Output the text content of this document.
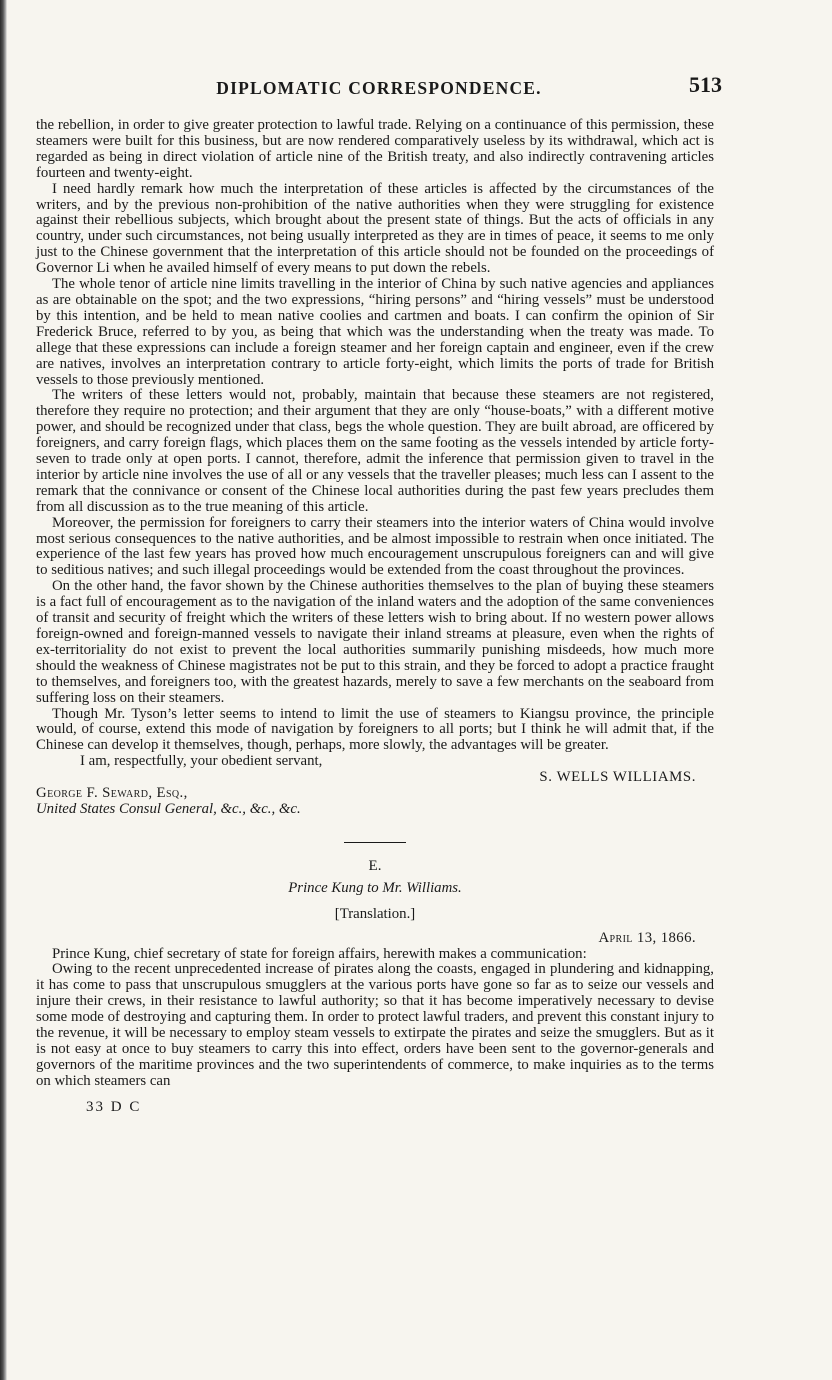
DIPLOMATIC CORRESPONDENCE.	513

the rebellion, in order to give greater protection to lawful trade. Relying on a continuance of this permission, these steamers were built for this business, but are now rendered comparatively useless by its withdrawal, which act is regarded as being in direct violation of article nine of the British treaty, and also indirectly contravening articles fourteen and twenty-eight.

I need hardly remark how much the interpretation of these articles is affected by the circumstances of the writers, and by the previous non-prohibition of the native authorities when they were struggling for existence against their rebellious subjects, which brought about the present state of things. But the acts of officials in any country, under such circumstances, not being usually interpreted as they are in times of peace, it seems to me only just to the Chinese government that the interpretation of this article should not be founded on the proceedings of Governor Li when he availed himself of every means to put down the rebels.

The whole tenor of article nine limits travelling in the interior of China by such native agencies and appliances as are obtainable on the spot; and the two expressions, “hiring persons” and “hiring vessels” must be understood by this intention, and be held to mean native coolies and cartmen and boats. I can confirm the opinion of Sir Frederick Bruce, referred to by you, as being that which was the understanding when the treaty was made. To allege that these expressions can include a foreign steamer and her foreign captain and engineer, even if the crew are natives, involves an interpretation contrary to article forty-eight, which limits the ports of trade for British vessels to those previously mentioned.

The writers of these letters would not, probably, maintain that because these steamers are not registered, therefore they require no protection; and their argument that they are only “house-boats,” with a different motive power, and should be recognized under that class, begs the whole question. They are built abroad, are officered by foreigners, and carry foreign flags, which places them on the same footing as the vessels intended by article forty-seven to trade only at open ports. I cannot, therefore, admit the inference that permission given to travel in the interior by article nine involves the use of all or any vessels that the traveller pleases; much less can I assent to the remark that the connivance or consent of the Chinese local authorities during the past few years precludes them from all discussion as to the true meaning of this article.

Moreover, the permission for foreigners to carry their steamers into the interior waters of China would involve most serious consequences to the native authorities, and be almost impossible to restrain when once initiated. The experience of the last few years has proved how much encouragement unscrupulous foreigners can and will give to seditious natives; and such illegal proceedings would be extended from the coast throughout the provinces.

On the other hand, the favor shown by the Chinese authorities themselves to the plan of buying these steamers is a fact full of encouragement as to the navigation of the inland waters and the adoption of the same conveniences of transit and security of freight which the writers of these letters wish to bring about. If no western power allows foreign-owned and foreign-manned vessels to navigate their inland streams at pleasure, even when the rights of ex-territoriality do not exist to prevent the local authorities summarily punishing misdeeds, how much more should the weakness of Chinese magistrates not be put to this strain, and they be forced to adopt a practice fraught to themselves, and foreigners too, with the greatest hazards, merely to save a few merchants on the seaboard from suffering loss on their steamers.

Though Mr. Tyson’s letter seems to intend to limit the use of steamers to Kiangsu province, the principle would, of course, extend this mode of navigation by foreigners to all ports; but I think he will admit that, if the Chinese can develop it themselves, though, perhaps, more slowly, the advantages will be greater.

I am, respectfully, your obedient servant,

S. WELLS WILLIAMS.

George F. Seward, Esq.,

United States Consul General, &c., &c., &c.

E.
Prince Kung to Mr. Williams.
[Translation.]
April 13, 1866.

Prince Kung, chief secretary of state for foreign affairs, herewith makes a communication:

Owing to the recent unprecedented increase of pirates along the coasts, engaged in plundering and kidnapping, it has come to pass that unscrupulous smugglers at the various ports have gone so far as to seize our vessels and injure their crews, in their resistance to lawful authority; so that it has become imperatively necessary to devise some mode of destroying and capturing them. In order to protect lawful traders, and prevent this constant injury to the revenue, it will be necessary to employ steam vessels to extirpate the pirates and seize the smugglers. But as it is not easy at once to buy steamers to carry this into effect, orders have been sent to the governor-generals and governors of the maritime provinces and the two superintendents of commerce, to make inquiries as to the terms on which steamers can

33 D C
